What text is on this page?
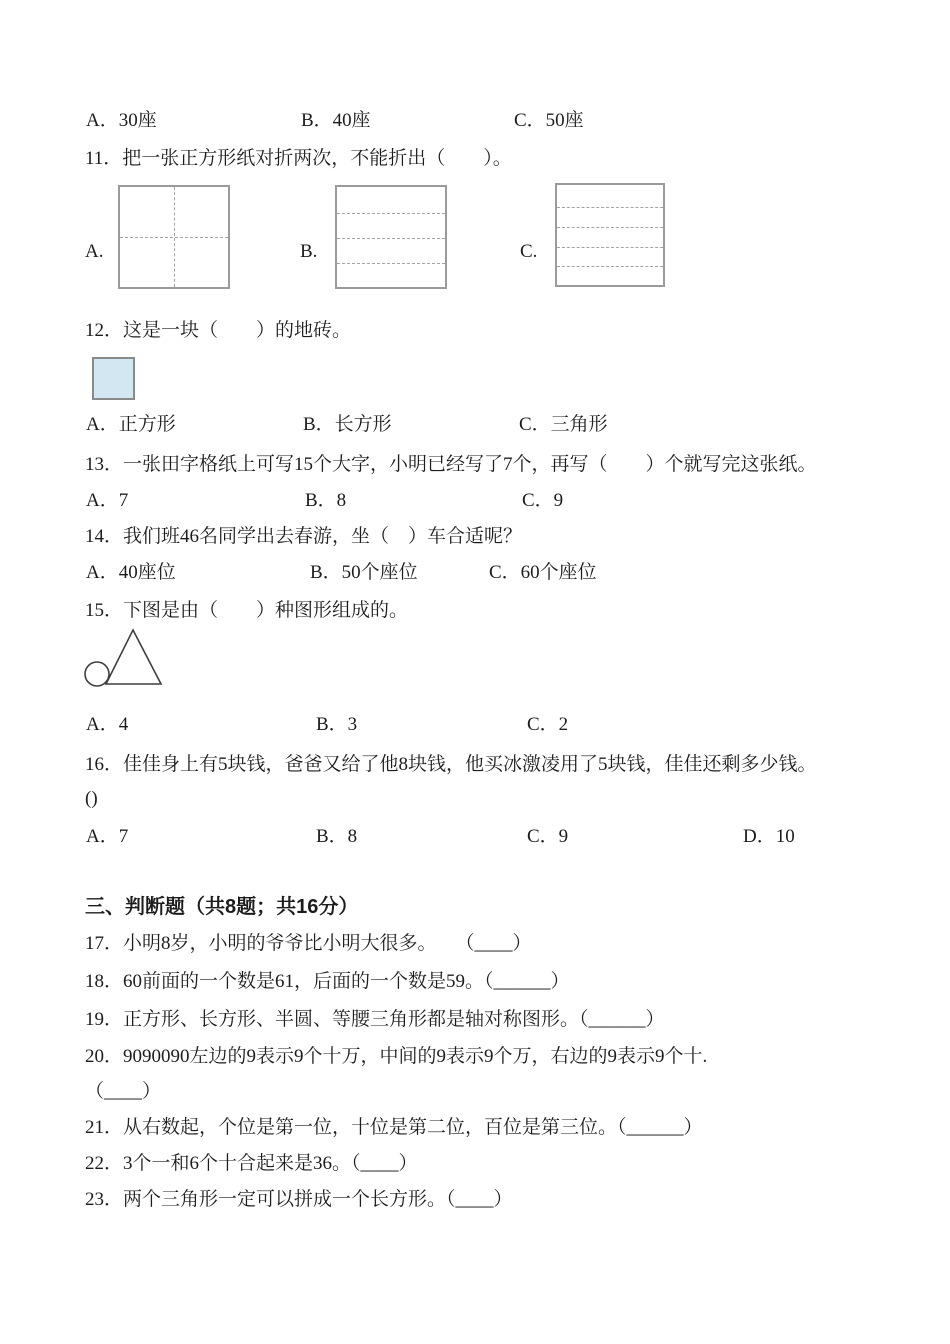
A．30座	B．40座	C．50座
11．把一张正方形纸对折两次，不能折出（　　）。
A.	B.	C.
12．这是一块（　　）的地砖。
A．正方形	B．长方形	C．三角形
13．一张田字格纸上可写15个大字，小明已经写了7个，再写（　　）个就写完这张纸。
A．7	B．8	C．9
14．我们班46名同学出去春游，坐（　）车合适呢？
A．40座位	B．50个座位	C．60个座位
15．下图是由（　　）种图形组成的。
A．4	B．3	C．2
16．佳佳身上有5块钱，爸爸又给了他8块钱，他买冰激凌用了5块钱，佳佳还剩多少钱。
()
A．7	B．8	C．9	D．10
三、判断题（共8题；共16分）
17．小明8岁，小明的爷爷比小明大很多。　　（____）
18．60前面的一个数是61，后面的一个数是59。（______）
19．正方形、长方形、半圆、等腰三角形都是轴对称图形。（______）
20．9090090左边的9表示9个十万，中间的9表示9个万，右边的9表示9个十.
（____）
21．从右数起，个位是第一位，十位是第二位，百位是第三位。（______）
22．3个一和6个十合起来是36。（____）
23．两个三角形一定可以拼成一个长方形。（____）
